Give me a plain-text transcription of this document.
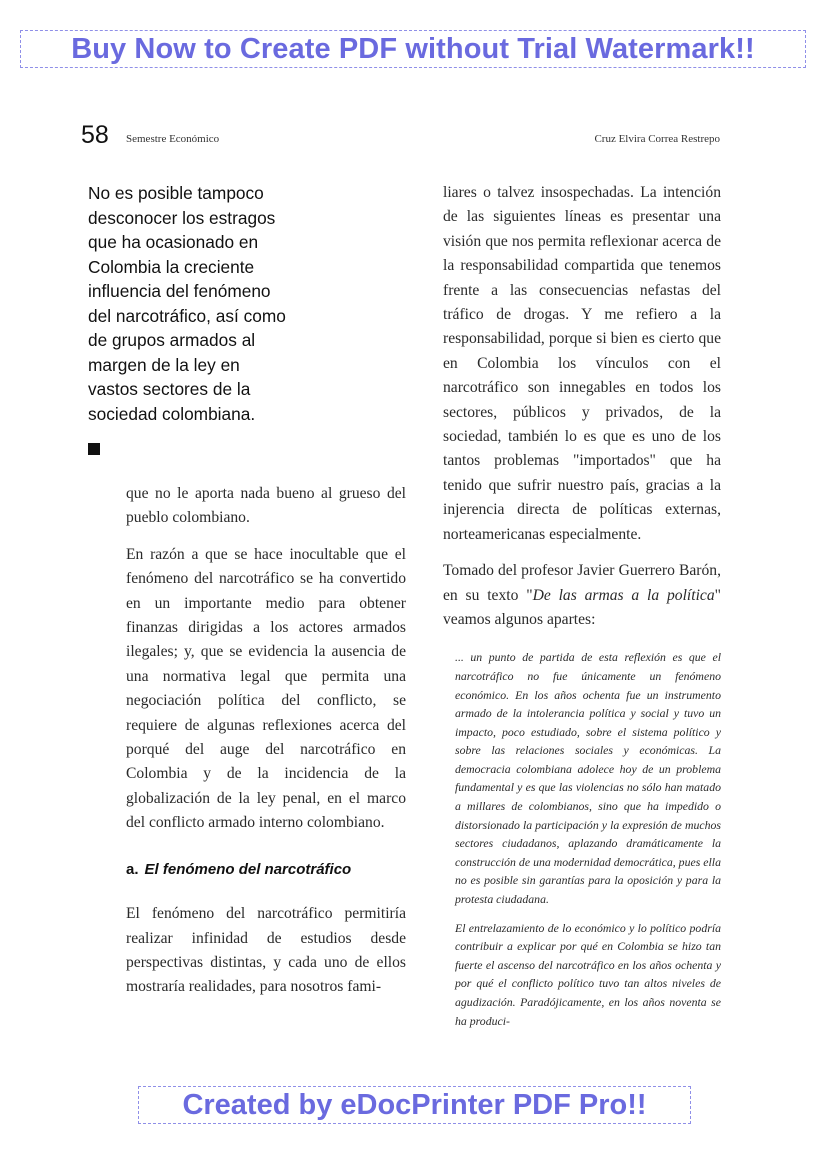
Buy Now to Create PDF without Trial Watermark!!
58 Semestre Económico	Cruz Elvira Correa Restrepo

No es posible tampoco
desconocer los estragos
que ha ocasionado en
Colombia la creciente
influencia del fenómeno
del narcotráfico, así como
de grupos armados al
margen de la ley en
vastos sectores de la
sociedad colombiana.

que no le aporta nada bueno al grueso del pueblo colombiano.

En razón a que se hace inocultable que el fenómeno del narcotráfico se ha convertido en un importante medio para obtener finanzas dirigidas a los actores armados ilegales; y, que se evidencia la ausencia de una normativa legal que permita una negociación política del conflicto, se requiere de algunas reflexiones acerca del porqué del auge del narcotráfico en Colombia y de la incidencia de la globalización de la ley penal, en el marco del conflicto armado interno colombiano.

a. El fenómeno del narcotráfico

El fenómeno del narcotráfico permitiría realizar infinidad de estudios desde perspectivas distintas, y cada uno de ellos mostraría realidades, para nosotros fami-

liares o talvez insospechadas. La intención de las siguientes líneas es presentar una visión que nos permita reflexionar acerca de la responsabilidad compartida que tenemos frente a las consecuencias nefastas del tráfico de drogas. Y me refiero a la responsabilidad, porque si bien es cierto que en Colombia los vínculos con el narcotráfico son innegables en todos los sectores, públicos y privados, de la sociedad, también lo es que es uno de los tantos problemas "importados" que ha tenido que sufrir nuestro país, gracias a la injerencia directa de políticas externas, norteamericanas especialmente.

Tomado del profesor Javier Guerrero Barón, en su texto "De las armas a la política" veamos algunos apartes:

... un punto de partida de esta reflexión es que el narcotráfico no fue únicamente un fenómeno económico. En los años ochenta fue un instrumento armado de la intolerancia política y social y tuvo un impacto, poco estudiado, sobre el sistema político y sobre las relaciones sociales y económicas. La democracia colombiana adolece hoy de un problema fundamental y es que las violencias no sólo han matado a millares de colombianos, sino que ha impedido o distorsionado la participación y la expresión de muchos sectores ciudadanos, aplazando dramáticamente la construcción de una modernidad democrática, pues ella no es posible sin garantías para la oposición y para la protesta ciudadana.

El entrelazamiento de lo económico y lo político podría contribuir a explicar por qué en Colombia se hizo tan fuerte el ascenso del narcotráfico en los años ochenta y por qué el conflicto político tuvo tan altos niveles de agudización. Paradójicamente, en los años noventa se ha produci-

Created by eDocPrinter PDF Pro!!
